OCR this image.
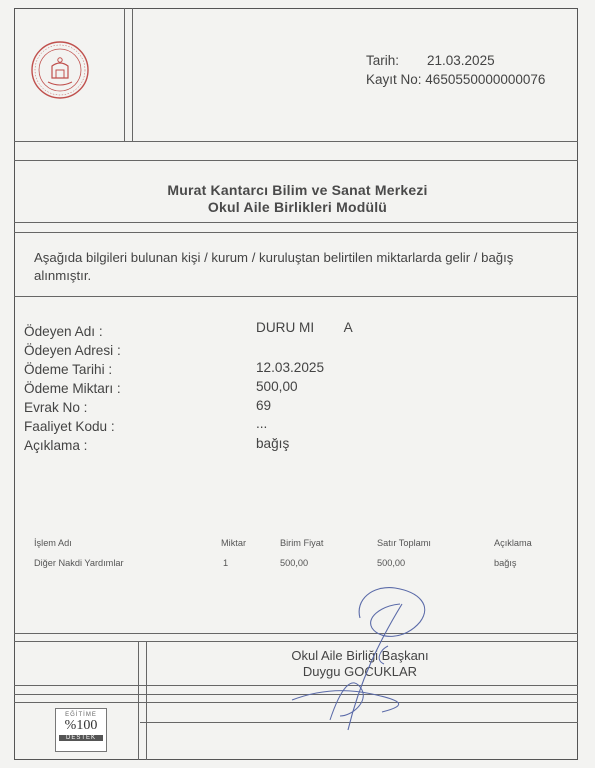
Tarih: 21.03.2025
Kayıt No: 4650550000000076
Murat Kantarcı Bilim ve Sanat Merkezi
Okul Aile Birlikleri Modülü
Aşağıda bilgileri bulunan kişi / kurum / kuruluştan belirtilen miktarlarda gelir / bağış alınmıştır.
Ödeyen Adı :	DURU MI        A
Ödeyen Adresi :
Ödeme Tarihi :	12.03.2025
Ödeme Miktarı :	500,00
Evrak No :	69
Faaliyet Kodu :	...
Açıklama :	bağış
İşlem Adı	Miktar	Birim Fiyat	Satır Toplamı	Açıklama
Diğer Nakdi Yardımlar	1	500,00	500,00	bağış
Okul Aile Birliği Başkanı
Duygu GOCUKLAR
EĞİTİME
%100
DESTEK
